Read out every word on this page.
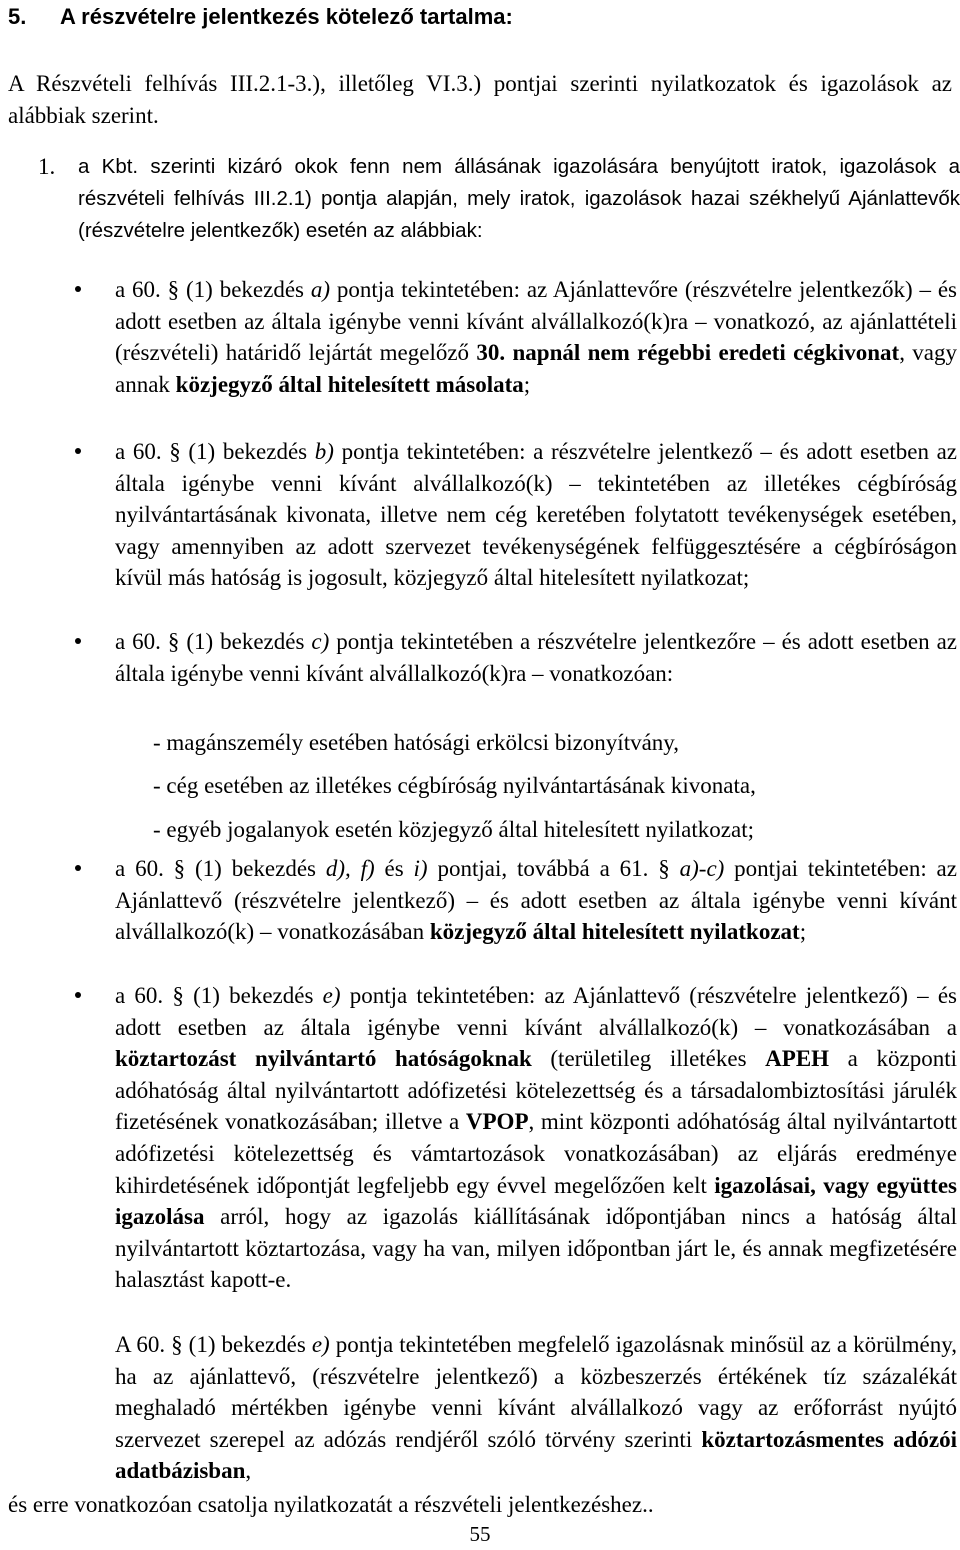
5. A részvételre jelentkezés kötelező tartalma:
A Részvételi felhívás III.2.1-3.), illetőleg VI.3.) pontjai szerinti nyilatkozatok és igazolások az alábbiak szerint.
1. a Kbt. szerinti kizáró okok fenn nem állásának igazolására benyújtott iratok, igazolások a részvételi felhívás III.2.1) pontja alapján, mely iratok, igazolások hazai székhelyű Ajánlattevők (részvételre jelentkezők) esetén az alábbiak:
a 60. § (1) bekezdés a) pontja tekintetében: az Ajánlattevőre (részvételre jelentkezők) – és adott esetben az általa igénybe venni kívánt alvállalkozó(k)ra – vonatkozó, az ajánlattételi (részvételi) határidő lejártát megelőző 30. napnál nem régebbi eredeti cégkivonat, vagy annak közjegyző által hitelesített másolata;
a 60. § (1) bekezdés b) pontja tekintetében: a részvételre jelentkező – és adott esetben az általa igénybe venni kívánt alvállalkozó(k) – tekintetében az illetékes cégbíróság nyilvántartásának kivonata, illetve nem cég keretében folytatott tevékenységek esetében, vagy amennyiben az adott szervezet tevékenységének felfüggesztésére a cégbíróságon kívül más hatóság is jogosult, közjegyző által hitelesített nyilatkozat;
a 60. § (1) bekezdés c) pontja tekintetében a részvételre jelentkezőre – és adott esetben az általa igénybe venni kívánt alvállalkozó(k)ra – vonatkozóan:
- magánszemély esetében hatósági erkölcsi bizonyítvány,
- cég esetében az illetékes cégbíróság nyilvántartásának kivonata,
- egyéb jogalanyok esetén közjegyző által hitelesített nyilatkozat;
a 60. § (1) bekezdés d), f) és i) pontjai, továbbá a 61. § a)-c) pontjai tekintetében: az Ajánlattevő (részvételre jelentkező) – és adott esetben az általa igénybe venni kívánt alvállalkozó(k) – vonatkozásában közjegyző által hitelesített nyilatkozat;
a 60. § (1) bekezdés e) pontja tekintetében: az Ajánlattevő (részvételre jelentkező) – és adott esetben az általa igénybe venni kívánt alvállalkozó(k) – vonatkozásában a köztartozást nyilvántartó hatóságoknak (területileg illetékes APEH a központi adóhatóság által nyilvántartott adófizetési kötelezettség és a társadalombiztosítási járulék fizetésének vonatkozásában; illetve a VPOP, mint központi adóhatóság által nyilvántartott adófizetési kötelezettség és vámtartozások vonatkozásában) az eljárás eredménye kihirdetésének időpontját legfeljebb egy évvel megelőzően kelt igazolásai, vagy együttes igazolása arról, hogy az igazolás kiállításának időpontjában nincs a hatóság által nyilvántartott köztartozása, vagy ha van, milyen időpontban járt le, és annak megfizetésére halasztást kapott-e.
A 60. § (1) bekezdés e) pontja tekintetében megfelelő igazolásnak minősül az a körülmény, ha az ajánlattevő, (részvételre jelentkező) a közbeszerzés értékének tíz százalékát meghaladó mértékben igénybe venni kívánt alvállalkozó vagy az erőforrást nyújtó szervezet szerepel az adózás rendjéről szóló törvény szerinti köztartozásmentes adózói adatbázisban,
és erre vonatkozóan csatolja nyilatkozatát a részvételi jelentkezéshez..
55
